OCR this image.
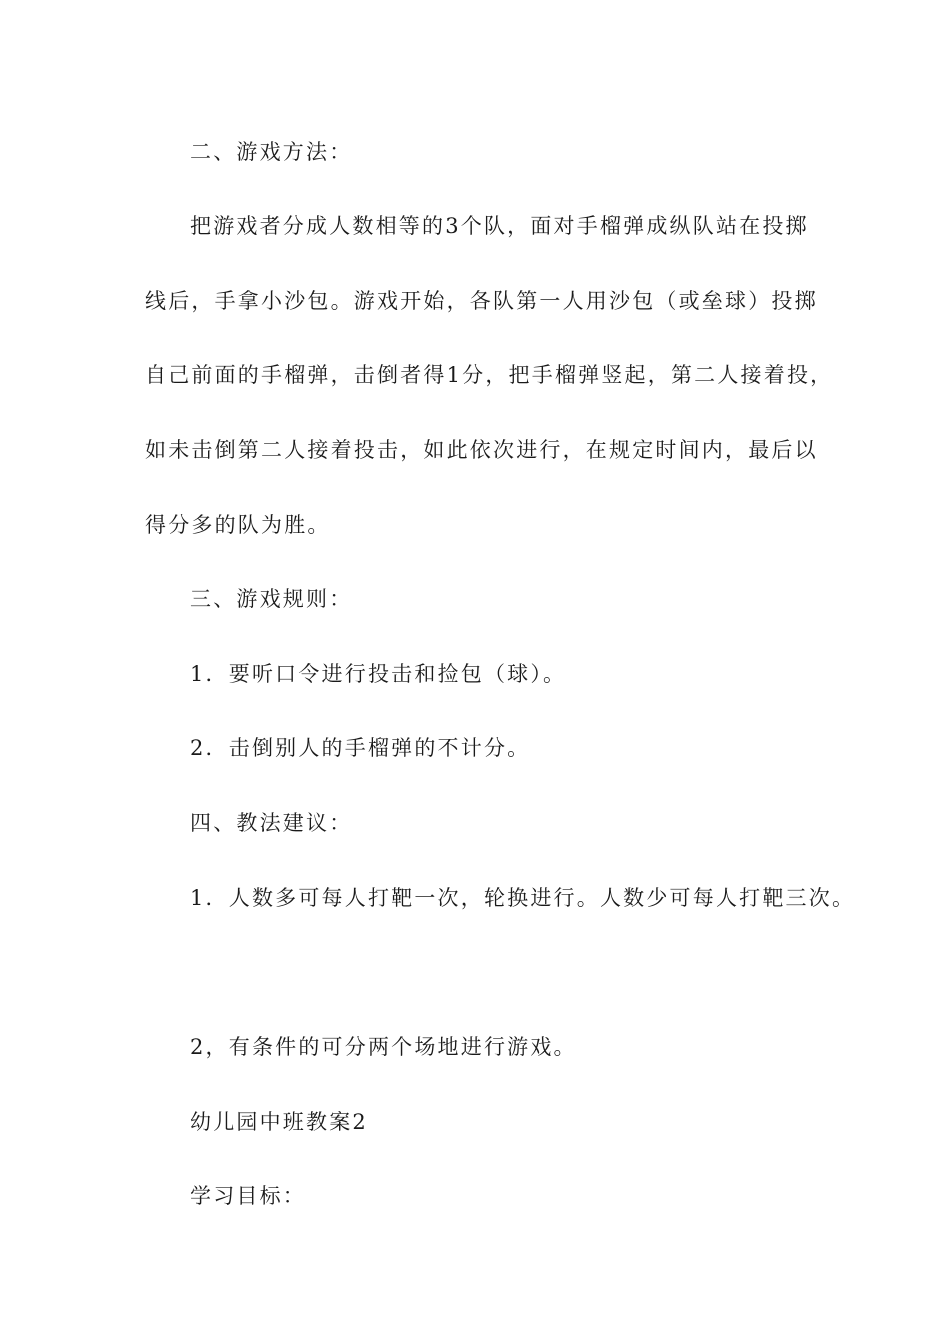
二、游戏方法：
把游戏者分成人数相等的3个队，面对手榴弹成纵队站在投掷
线后，手拿小沙包。游戏开始，各队第一人用沙包（或垒球）投掷
自己前面的手榴弹，击倒者得1分，把手榴弹竖起，第二人接着投，
如未击倒第二人接着投击，如此依次进行，在规定时间内，最后以
得分多的队为胜。
三、游戏规则：
1．要听口令进行投击和捡包（球）。
2．击倒别人的手榴弹的不计分。
四、教法建议：
1．人数多可每人打靶一次，轮换进行。人数少可每人打靶三次。
2，有条件的可分两个场地进行游戏。
幼儿园中班教案2
学习目标：
